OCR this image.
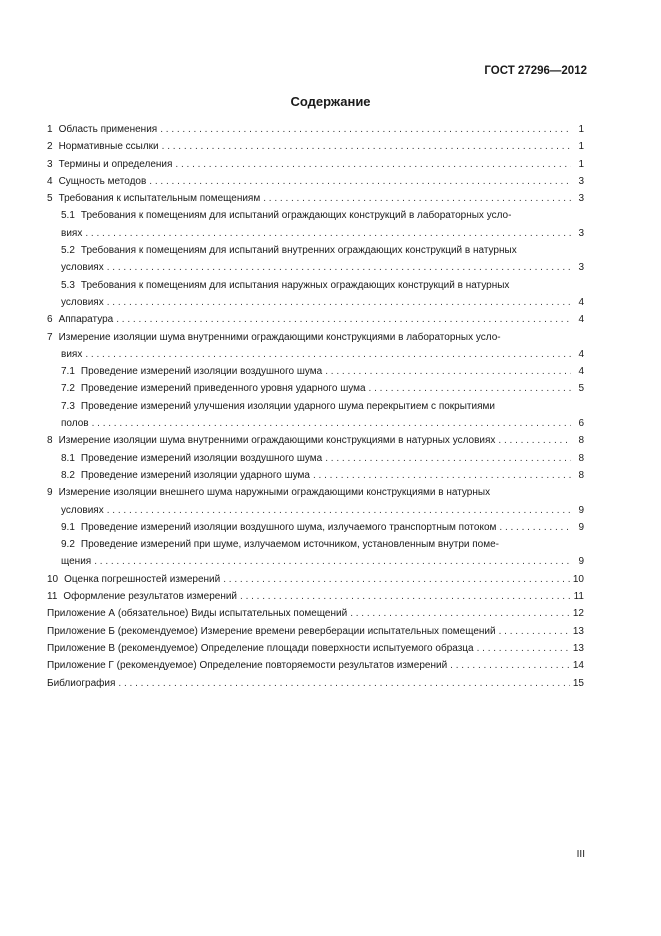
ГОСТ 27296—2012
Содержание
1 Область применения . . .	1
2 Нормативные ссылки . . .	1
3 Термины и определения . . .	1
4 Сущность методов . . .	3
5 Требования к испытательным помещениям . . .	3
5.1 Требования к помещениям для испытаний ограждающих конструкций в лабораторных усло-
виях . . .	3
5.2 Требования к помещениям для испытаний внутренних ограждающих конструкций в натурных
условиях . . .	3
5.3 Требования к помещениям для испытания наружных ограждающих конструкций в натурных
условиях . . .	4
6 Аппаратура . . .	4
7 Измерение изоляции шума внутренними ограждающими конструкциями в лабораторных усло-
виях . . .	4
7.1 Проведение измерений изоляции воздушного шума . . .	4
7.2 Проведение измерений приведенного уровня ударного шума . . .	5
7.3 Проведение измерений улучшения изоляции ударного шума перекрытием с покрытиями
полов . . .	6
8 Измерение изоляции шума внутренними ограждающими конструкциями в натурных условиях . . .	8
8.1 Проведение измерений изоляции воздушного шума . . .	8
8.2 Проведение измерений изоляции ударного шума . . .	8
9 Измерение изоляции внешнего шума наружными ограждающими конструкциями в натурных
условиях . . .	9
9.1 Проведение измерений изоляции воздушного шума, излучаемого транспортным потоком . . .	9
9.2 Проведение измерений при шуме, излучаемом источником, установленным внутри поме-
щения . . .	9
10 Оценка погрешностей измерений . . .	10
11 Оформление результатов измерений . . .	11
Приложение А (обязательное) Виды испытательных помещений . . .	12
Приложение Б (рекомендуемое) Измерение времени реверберации испытательных помещений . . .	13
Приложение В (рекомендуемое) Определение площади поверхности испытуемого образца . . .	13
Приложение Г (рекомендуемое) Определение повторяемости результатов измерений . . .	14
Библиография . . .	15
III
